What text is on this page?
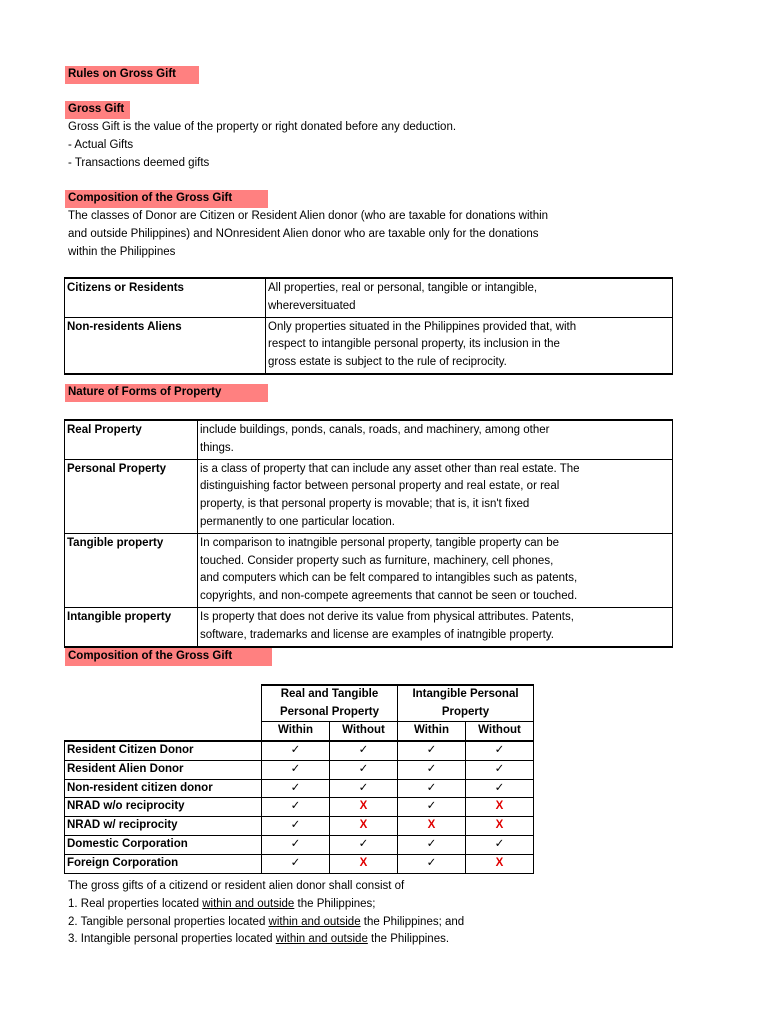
Rules on Gross Gift
Gross Gift
Gross Gift is the value of the property or right donated before any deduction.
- Actual Gifts
- Transactions deemed gifts
Composition of the Gross Gift
The classes of Donor are Citizen or Resident Alien donor (who are taxable for donations within
and outside Philippines) and NOnresident Alien donor who are taxable only for the donations
within the Philippines
Citizens or Residents	All properties, real or personal, tangible or intangible,
whereversituated

Non-residents Aliens	Only properties situated in the Philippines provided that, with
respect to intangible personal property, its inclusion in the
gross estate is subject to the rule of reciprocity.
Nature of Forms of Property
Real Property	include buildings, ponds, canals, roads, and machinery, among other
things.

Personal Property	is a class of property that can include any asset other than real estate. The
distinguishing factor between personal property and real estate, or real
property, is that personal property is movable; that is, it isn't fixed
permanently to one particular location.

Tangible property	In comparison to inatngible personal property, tangible property can be
touched. Consider property such as furniture, machinery, cell phones,
and computers which can be felt compared to intangibles such as patents,
copyrights, and non-compete agreements that cannot be seen or touched.

Intangible property	Is property that does not derive its value from physical attributes. Patents,
software, trademarks and license are examples of inatngible property.
Composition of the Gross Gift
	Real and Tangible Personal Property		Intangible Personal Property	
	Within	Without	Within	Without
Resident Citizen Donor	✓	✓	✓	✓
Resident Alien Donor	✓	✓	✓	✓
Non-resident citizen donor	✓	✓	✓	✓
NRAD w/o reciprocity	✓	X	✓	X
NRAD w/ reciprocity	✓	X	X	X
Domestic Corporation	✓	✓	✓	✓
Foreign Corporation	✓	X	✓	X
The gross gifts of a citizend or resident alien donor shall consist of
1. Real properties located within and outside the Philippines;
2. Tangible personal properties located within and outside the Philippines; and
3. Intangible personal properties located within and outside the Philippines.
